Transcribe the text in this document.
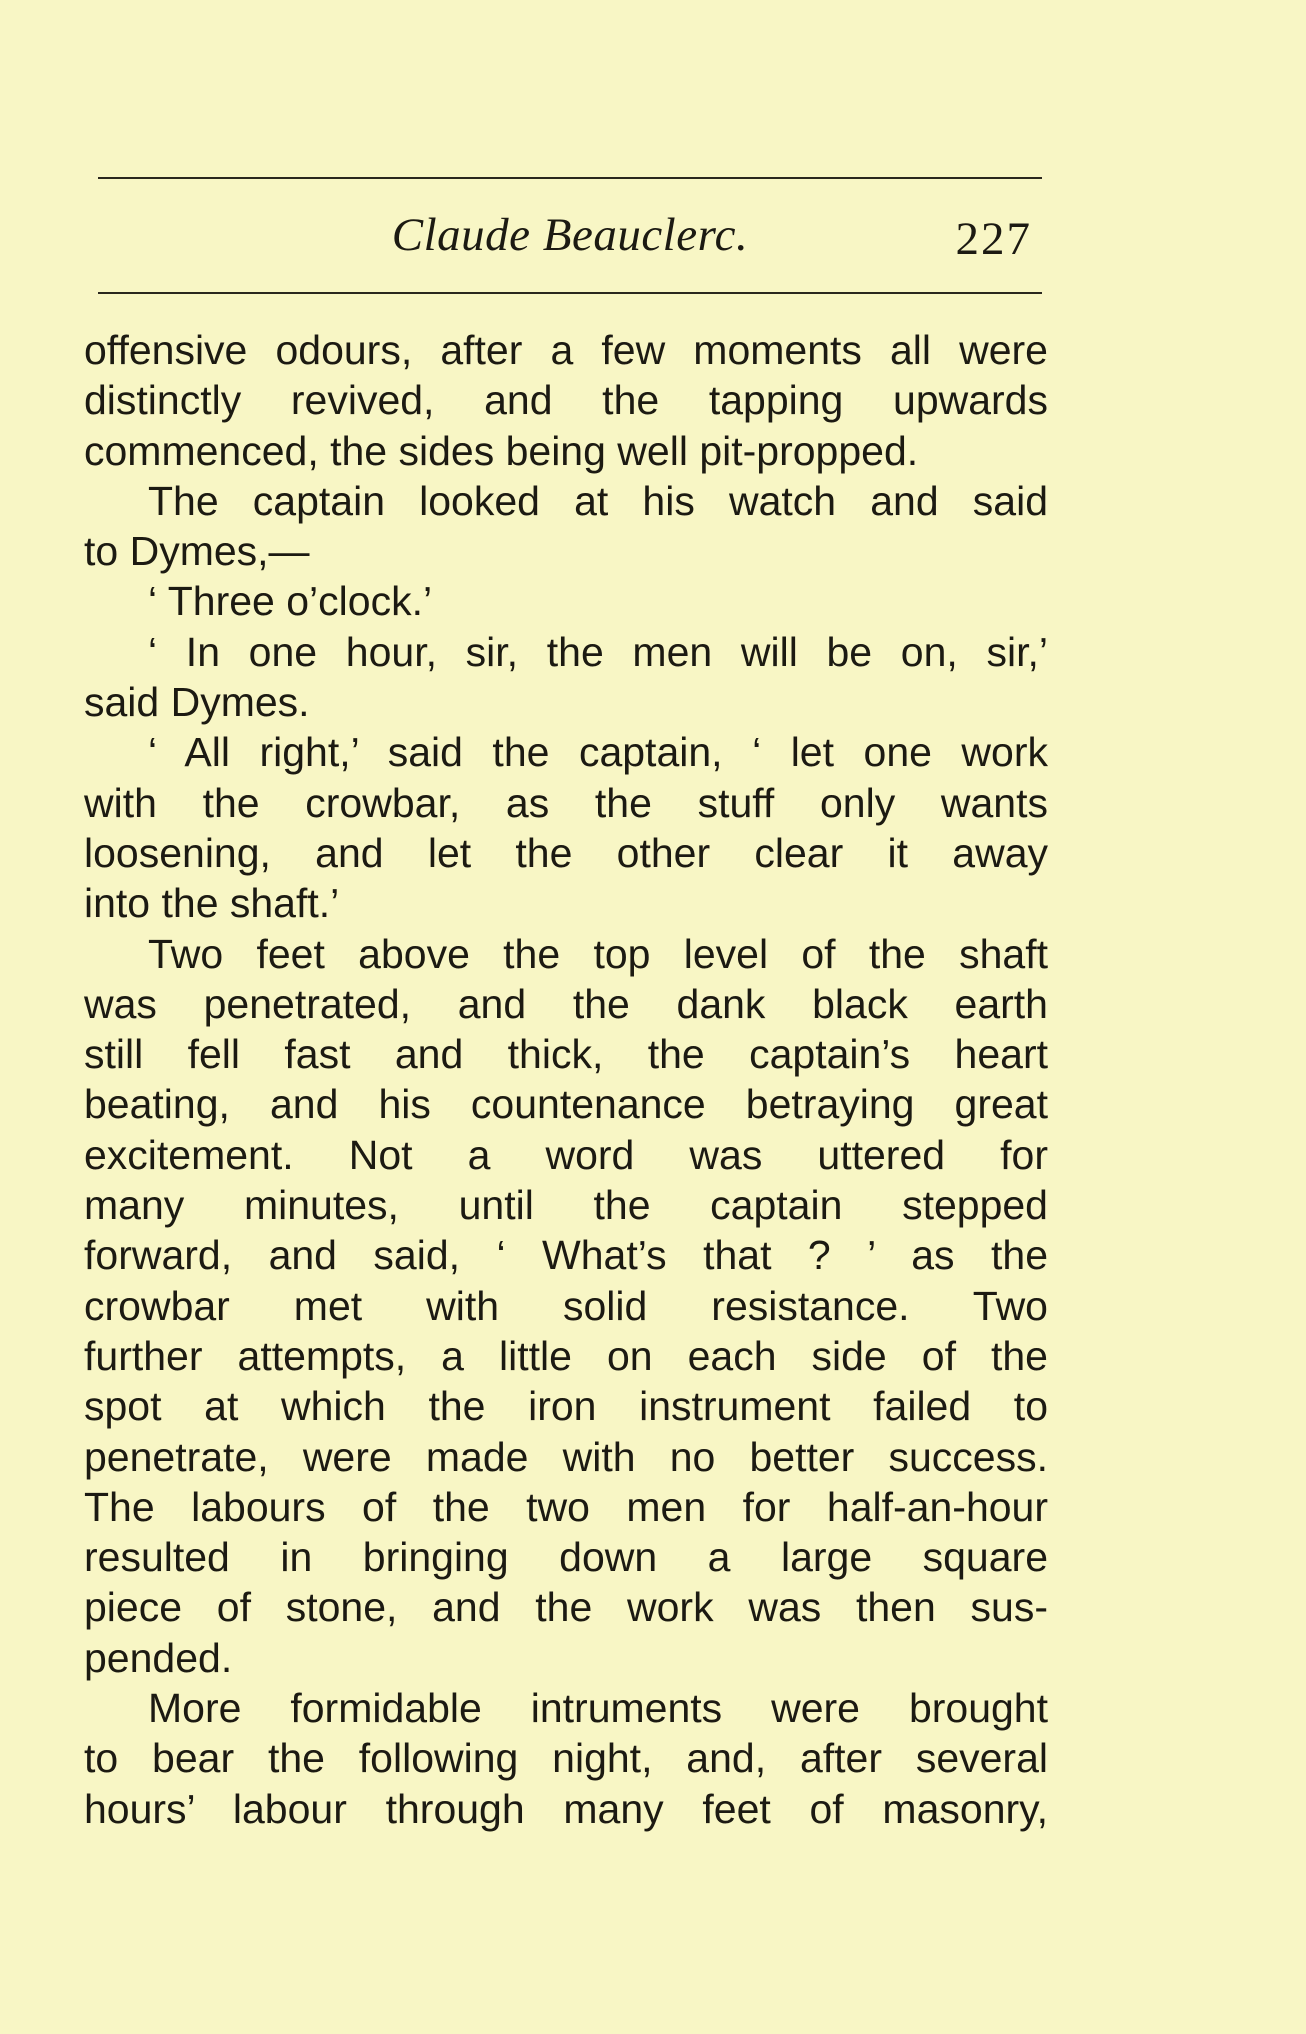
Claude Beauclerc.	227
offensive odours, after a few moments all were
distinctly revived, and the tapping upwards
commenced, the sides being well pit-propped.
The captain looked at his watch and said
to Dymes,—
‘ Three o’clock.’
‘ In one hour, sir, the men will be on, sir,’
said Dymes.
‘ All right,’ said the captain, ‘ let one work
with the crowbar, as the stuff only wants
loosening, and let the other clear it away
into the shaft.’
Two feet above the top level of the shaft
was penetrated, and the dank black earth
still fell fast and thick, the captain’s heart
beating, and his countenance betraying great
excitement. Not a word was uttered for
many minutes, until the captain stepped
forward, and said, ‘ What’s that ? ’ as the
crowbar met with solid resistance. Two
further attempts, a little on each side of the
spot at which the iron instrument failed to
penetrate, were made with no better success.
The labours of the two men for half-an-hour
resulted in bringing down a large square
piece of stone, and the work was then sus-
pended.
More formidable intruments were brought
to bear the following night, and, after several
hours’ labour through many feet of masonry,
